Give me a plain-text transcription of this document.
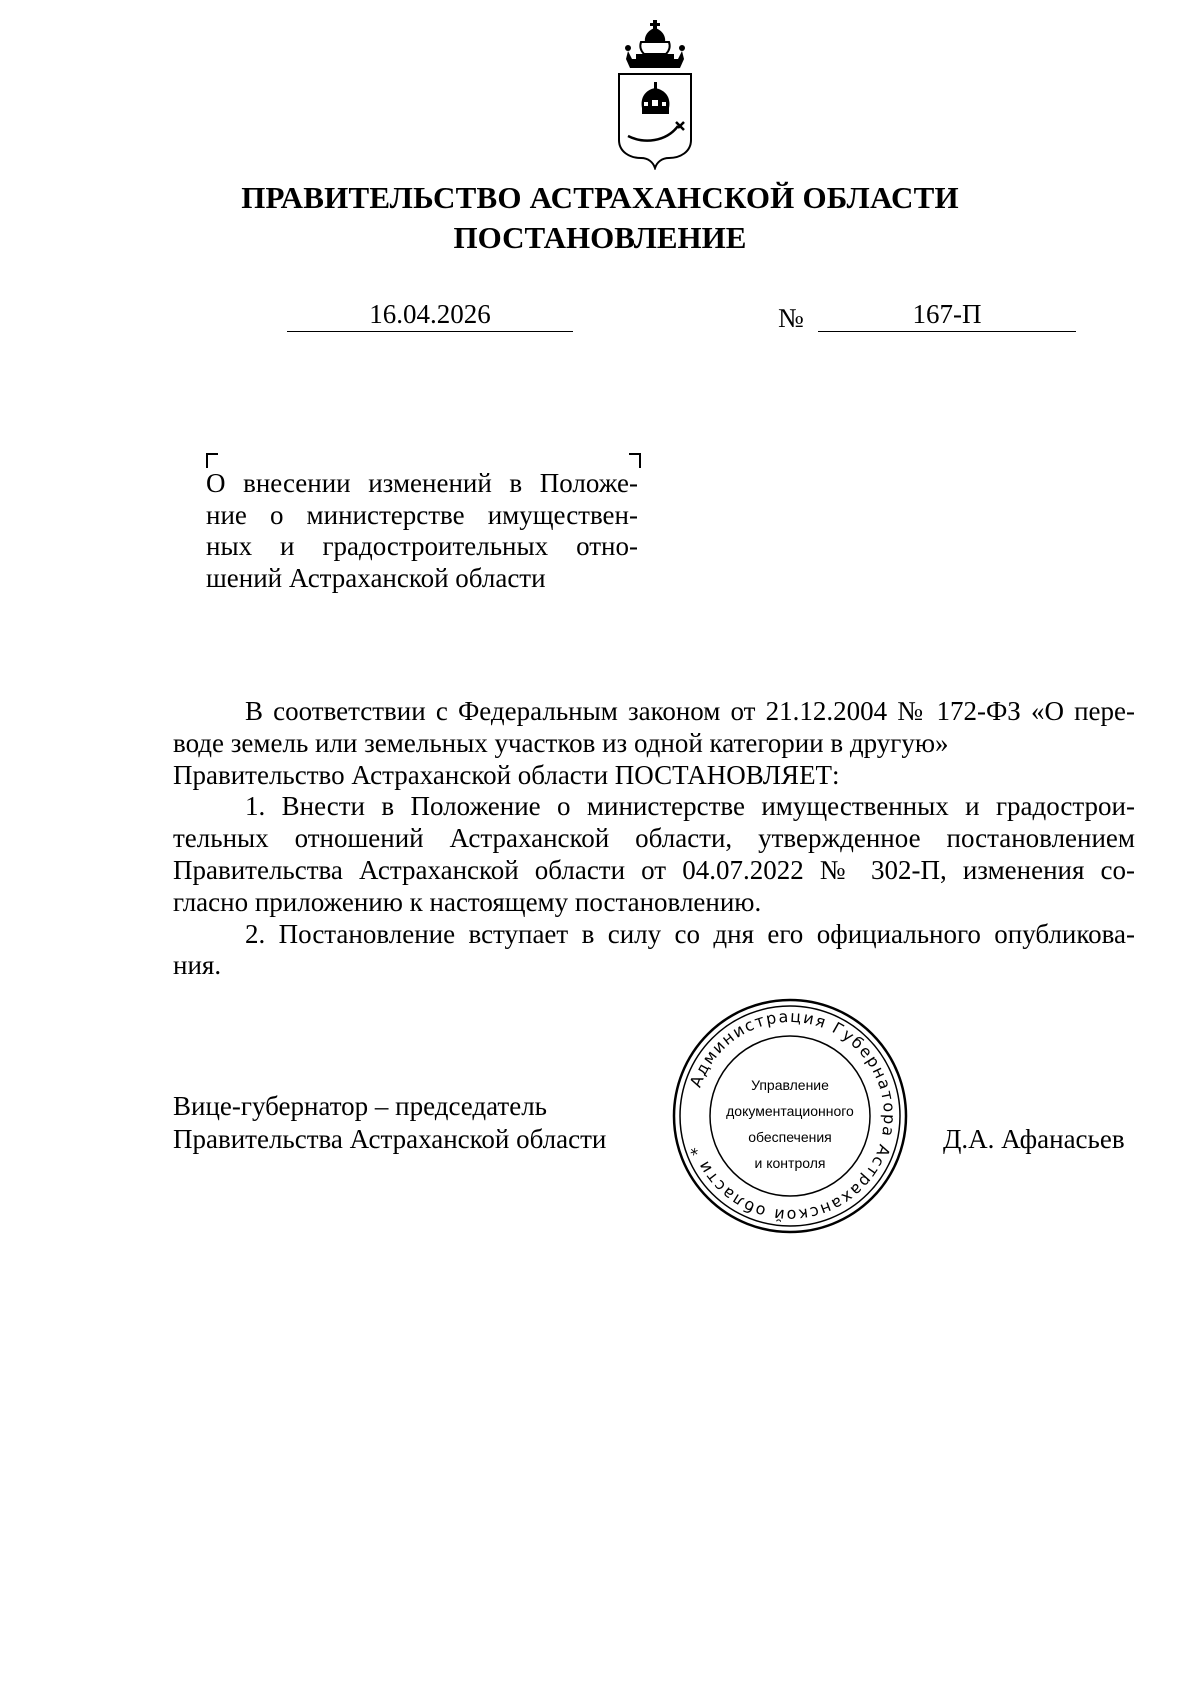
ПРАВИТЕЛЬСТВО АСТРАХАНСКОЙ ОБЛАСТИ
ПОСТАНОВЛЕНИЕ
16.04.2026	№	167-П
О внесении изменений в Положе-
ние о министерстве имуществен-
ных и градостроительных отно-
шений Астраханской области
В соответствии с Федеральным законом от 21.12.2004 № 172-ФЗ «О пере-
воде земель или земельных участков из одной категории в другую»
Правительство Астраханской области ПОСТАНОВЛЯЕТ:
1. Внести в Положение о министерстве имущественных и градострои-
тельных отношений Астраханской области, утвержденное постановлением
Правительства Астраханской области от 04.07.2022 № 302-П, изменения со-
гласно приложению к настоящему постановлению.
2. Постановление вступает в силу со дня его официального опубликова-
ния.
Вице-губернатор – председатель
Правительства Астраханской области	Д.А. Афанасьев
Администрация Губернатора Астраханской области *
Управление
документационного
обеспечения
и контроля
